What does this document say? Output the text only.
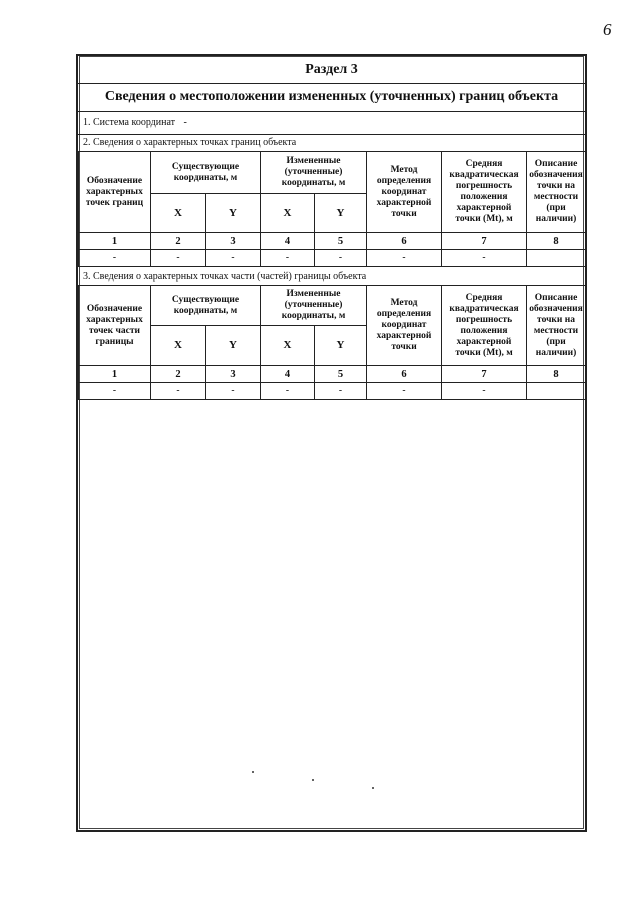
6
Раздел 3
Сведения о местоположении измененных (уточненных) границ объекта
1. Система координат -
2. Сведения о характерных точках границ объекта
Обозначение характерных точек границ	Существующие координаты, м		Измененные (уточненные) координаты, м		Метод определения координат характерной точки	Средняя квадратическая погрешность положения характерной точки (Mt), м	Описание обозначения точки на местности (при наличии)
	X	Y	X	Y			
1	2	3	4	5	6	7	8
-	-	-	-	-	-	-	
3. Сведения о характерных точках части (частей) границы объекта
Обозначение характерных точек части границы	Существующие координаты, м		Измененные (уточненные) координаты, м		Метод определения координат характерной точки	Средняя квадратическая погрешность положения характерной точки (Mt), м	Описание обозначения точки на местности (при наличии)
	X	Y	X	Y			
1	2	3	4	5	6	7	8
-	-	-	-	-	-	-	
